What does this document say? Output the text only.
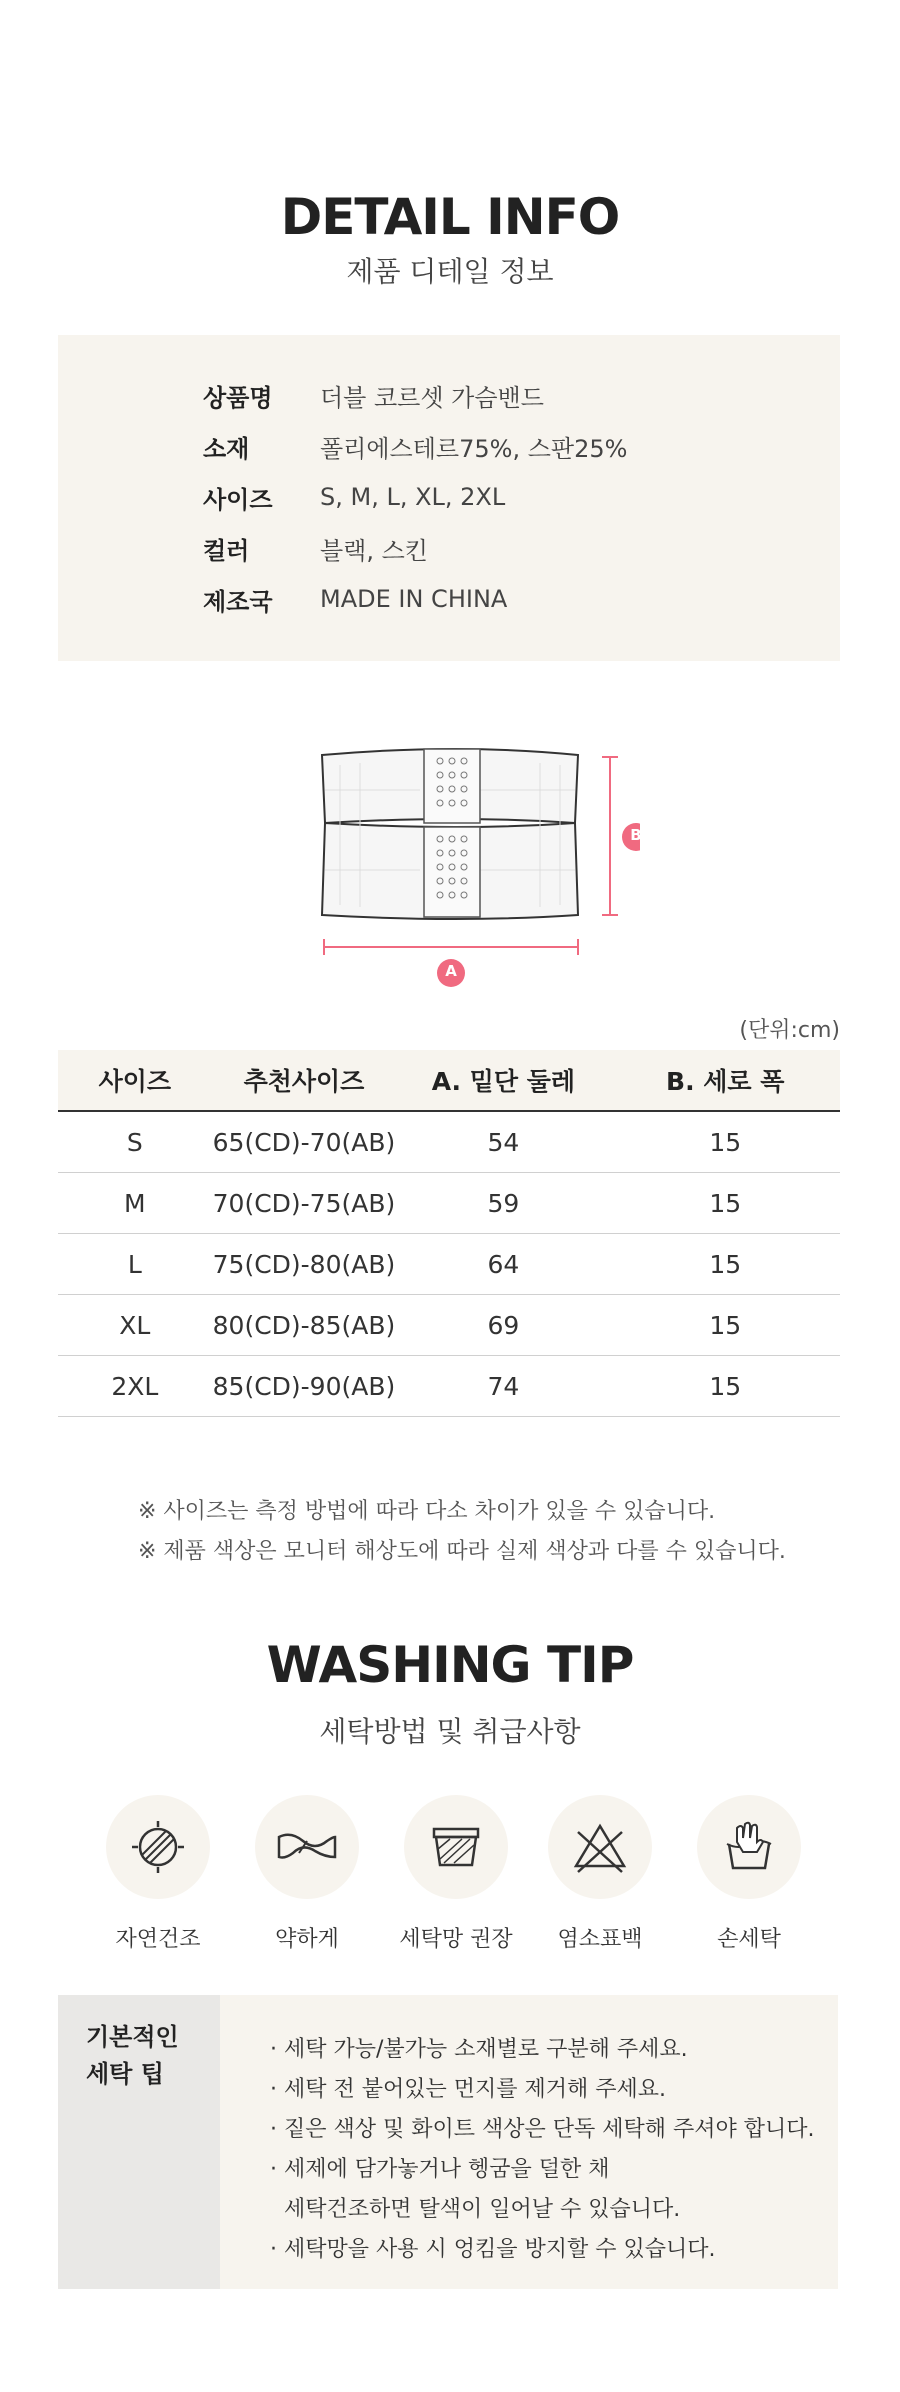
DETAIL INFO
제품 디테일 정보
상품명	더블 코르셋 가슴밴드
소재	폴리에스테르75%, 스판25%
사이즈	S, M, L, XL, 2XL
컬러	블랙, 스킨
제조국	MADE IN CHINA
A
B
(단위:cm)
사이즈	추천사이즈	A. 밑단 둘레	B. 세로 폭
S	65(CD)-70(AB)	54	15
M	70(CD)-75(AB)	59	15
L	75(CD)-80(AB)	64	15
XL	80(CD)-85(AB)	69	15
2XL	85(CD)-90(AB)	74	15
※ 사이즈는 측정 방법에 따라 다소 차이가 있을 수 있습니다.
※ 제품 색상은 모니터 해상도에 따라 실제 색상과 다를 수 있습니다.
WASHING TIP
세탁방법 및 취급사항
자연건조	약하게	세탁망 권장	염소표백	손세탁
기본적인
세탁 팁
· 세탁 가능/불가능 소재별로 구분해 주세요.
· 세탁 전 붙어있는 먼지를 제거해 주세요.
· 짙은 색상 및 화이트 색상은 단독 세탁해 주셔야 합니다.
· 세제에 담가놓거나 헹굼을 덜한 채
세탁건조하면 탈색이 일어날 수 있습니다.
· 세탁망을 사용 시 엉킴을 방지할 수 있습니다.
